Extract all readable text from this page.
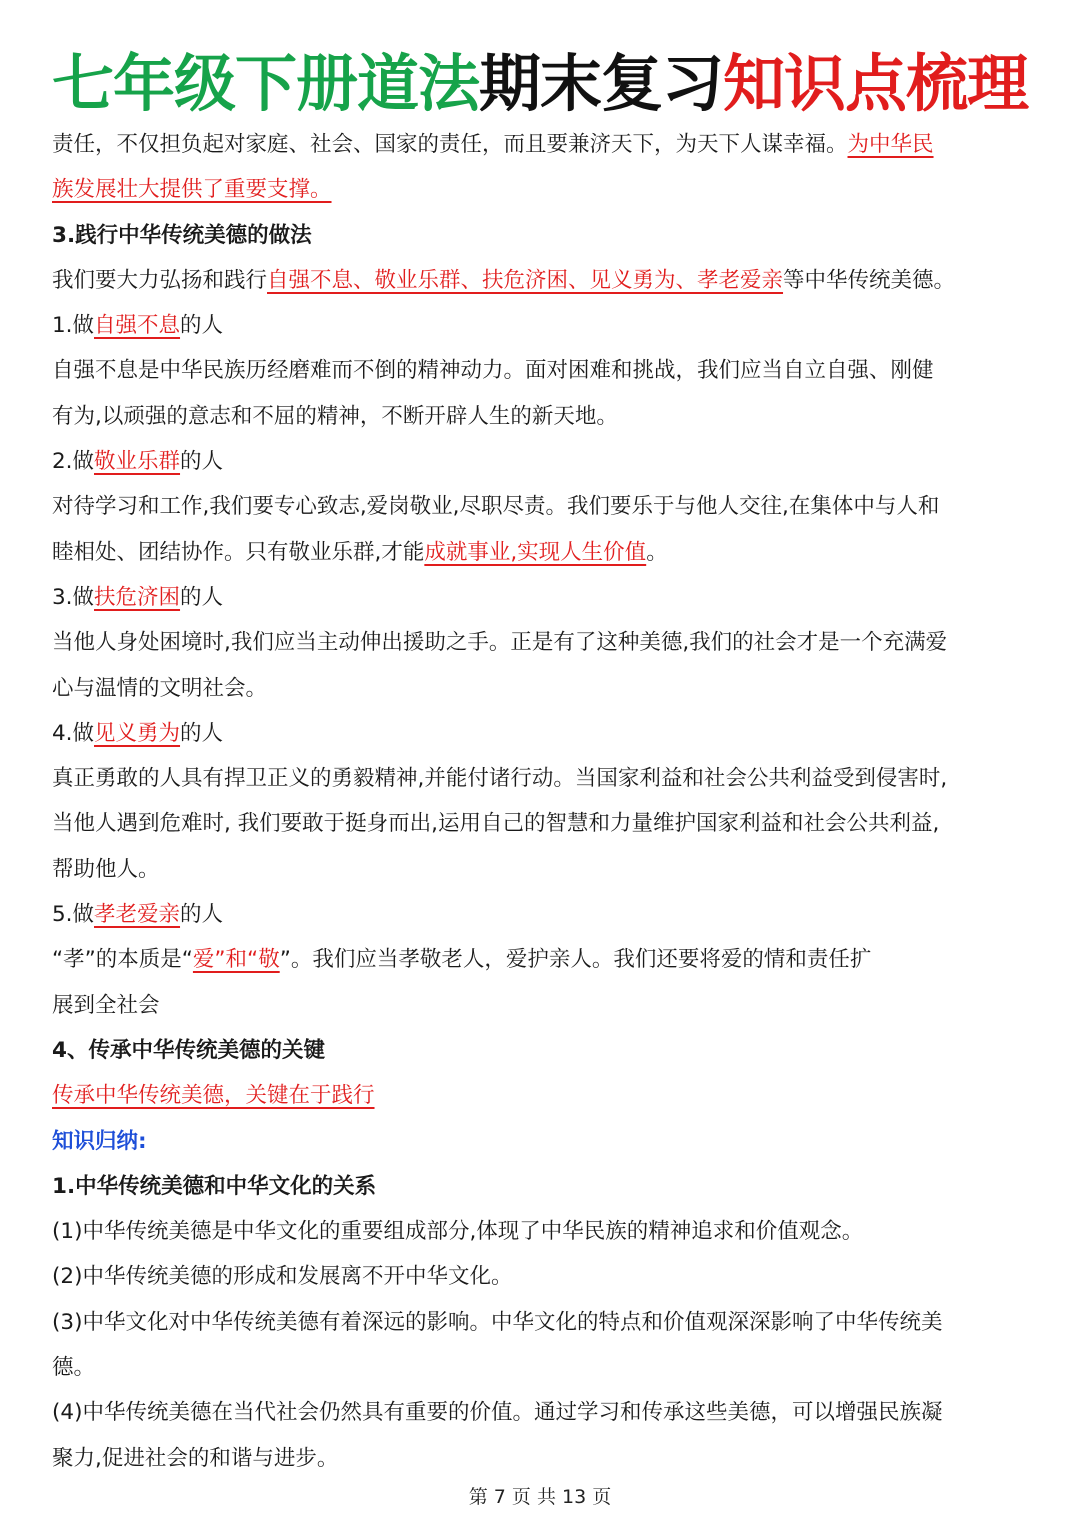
七年级下册道法期末复习知识点梳理
责任，不仅担负起对家庭、社会、国家的责任，而且要兼济天下，为天下人谋幸福。为中华民
族发展壮大提供了重要支撑。
3.践行中华传统美德的做法
我们要大力弘扬和践行自强不息、敬业乐群、扶危济困、见义勇为、孝老爱亲等中华传统美德。
1.做自强不息的人
自强不息是中华民族历经磨难而不倒的精神动力。面对困难和挑战，我们应当自立自强、刚健
有为,以顽强的意志和不屈的精神，不断开辟人生的新天地。
2.做敬业乐群的人
对待学习和工作,我们要专心致志,爱岗敬业,尽职尽责。我们要乐于与他人交往,在集体中与人和
睦相处、团结协作。只有敬业乐群,才能成就事业,实现人生价值。
3.做扶危济困的人
当他人身处困境时,我们应当主动伸出援助之手。正是有了这种美德,我们的社会才是一个充满爱
心与温情的文明社会。
4.做见义勇为的人
真正勇敢的人具有捍卫正义的勇毅精神,并能付诸行动。当国家利益和社会公共利益受到侵害时,
当他人遇到危难时, 我们要敢于挺身而出,运用自己的智慧和力量维护国家利益和社会公共利益,
帮助他人。
5.做孝老爱亲的人
“孝”的本质是“爱”和“敬”。我们应当孝敬老人，爱护亲人。我们还要将爱的情和责任扩
展到全社会
4、传承中华传统美德的关键
传承中华传统美德，关键在于践行
知识归纳:
1.中华传统美德和中华文化的关系
(1)中华传统美德是中华文化的重要组成部分,体现了中华民族的精神追求和价值观念。
(2)中华传统美德的形成和发展离不开中华文化。
(3)中华文化对中华传统美德有着深远的影响。中华文化的特点和价值观深深影响了中华传统美
德。
(4)中华传统美德在当代社会仍然具有重要的价值。通过学习和传承这些美德，可以增强民族凝
聚力,促进社会的和谐与进步。
第 7 页 共 13 页
